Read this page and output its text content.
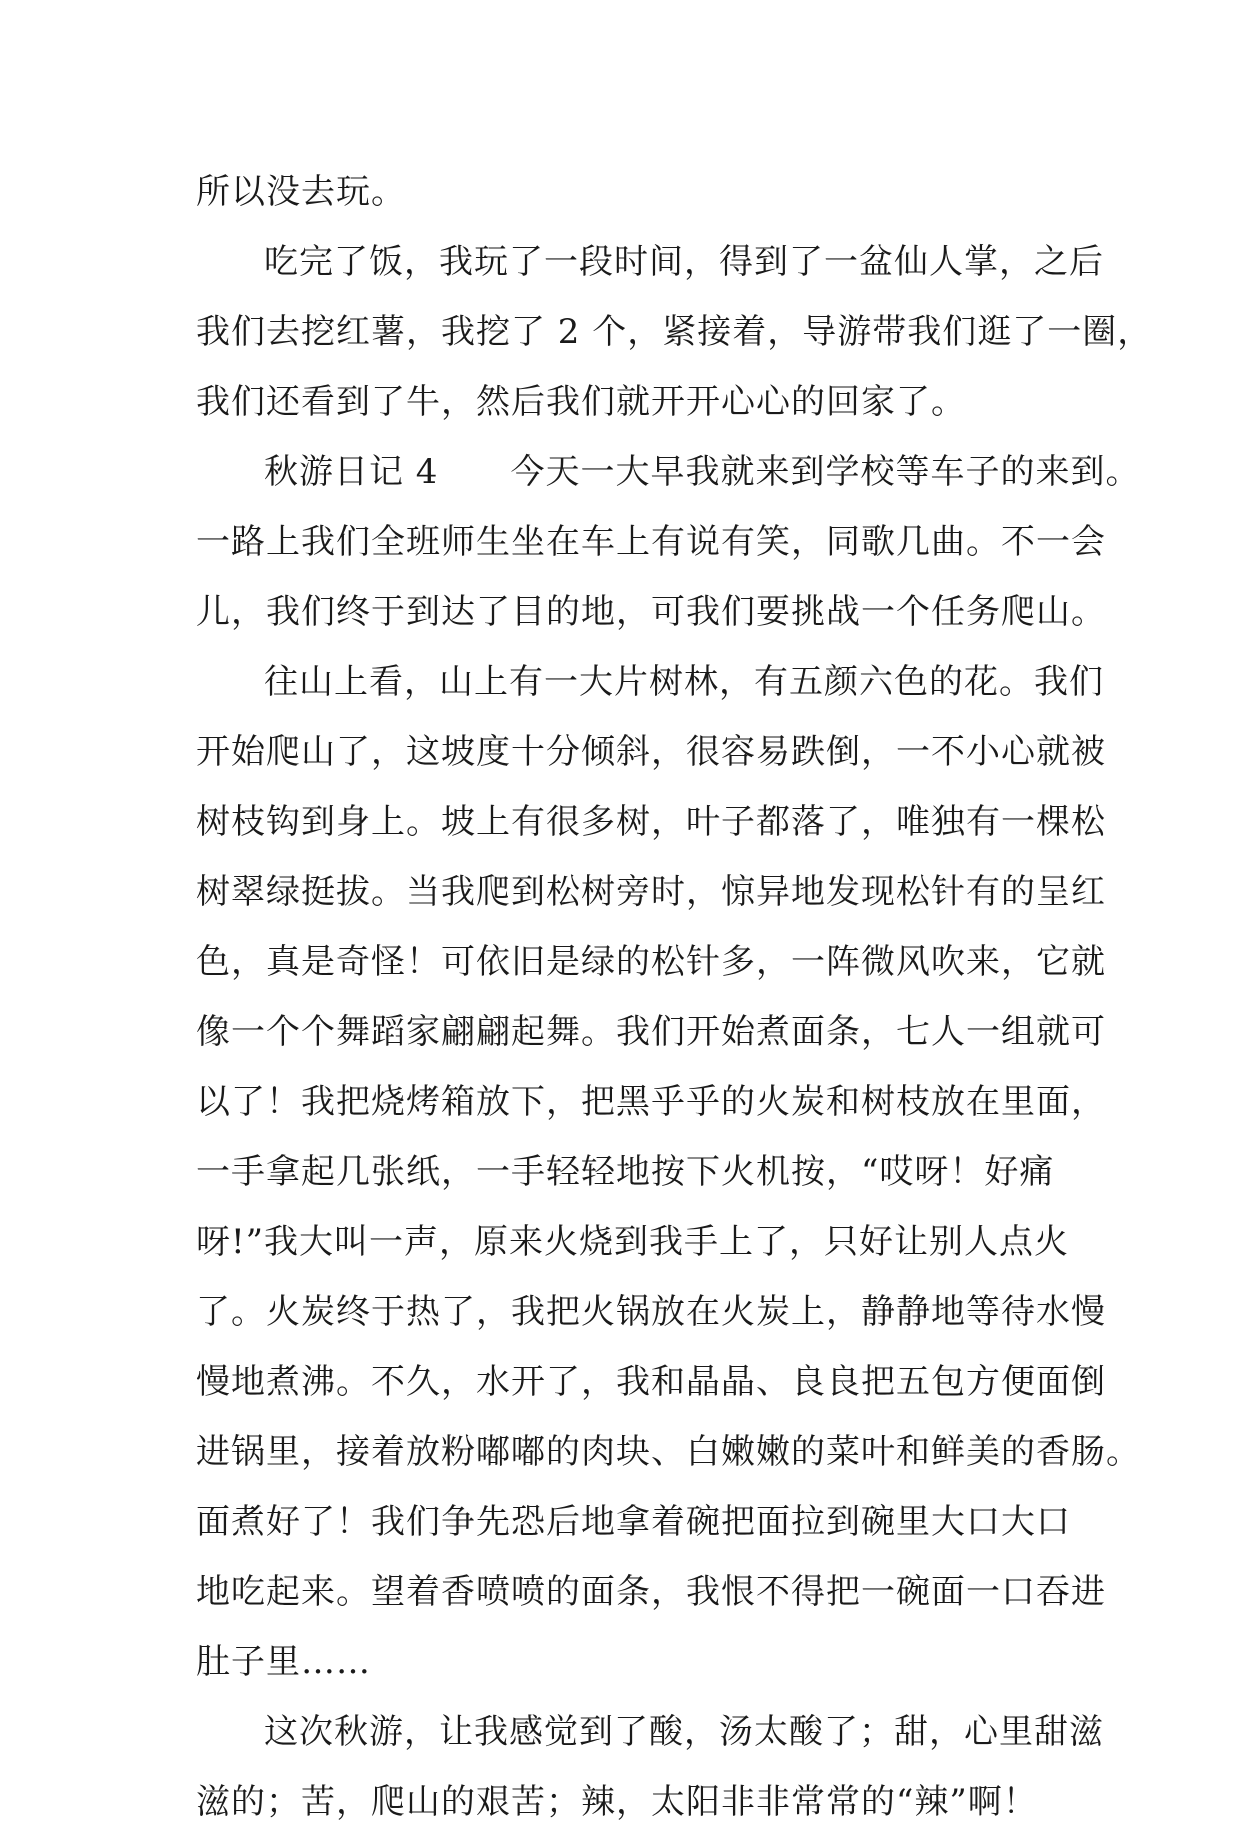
所以没去玩。
吃完了饭，我玩了一段时间，得到了一盆仙人掌，之后
我们去挖红薯，我挖了 2 个，紧接着，导游带我们逛了一圈，
我们还看到了牛，然后我们就开开心心的回家了。
秋游日记 4 今天一大早我就来到学校等车子的来到。
一路上我们全班师生坐在车上有说有笑，同歌几曲。不一会
儿，我们终于到达了目的地，可我们要挑战一个任务爬山。
往山上看，山上有一大片树林，有五颜六色的花。我们
开始爬山了，这坡度十分倾斜，很容易跌倒，一不小心就被
树枝钩到身上。坡上有很多树，叶子都落了，唯独有一棵松
树翠绿挺拔。当我爬到松树旁时，惊异地发现松针有的呈红
色，真是奇怪！可依旧是绿的松针多，一阵微风吹来，它就
像一个个舞蹈家翩翩起舞。我们开始煮面条，七人一组就可
以了！我把烧烤箱放下，把黑乎乎的火炭和树枝放在里面，
一手拿起几张纸，一手轻轻地按下火机按，“哎呀！好痛
呀!”我大叫一声，原来火烧到我手上了，只好让别人点火
了。火炭终于热了，我把火锅放在火炭上，静静地等待水慢
慢地煮沸。不久，水开了，我和晶晶、良良把五包方便面倒
进锅里，接着放粉嘟嘟的肉块、白嫩嫩的菜叶和鲜美的香肠。
面煮好了！我们争先恐后地拿着碗把面拉到碗里大口大口
地吃起来。望着香喷喷的面条，我恨不得把一碗面一口吞进
肚子里……
这次秋游，让我感觉到了酸，汤太酸了；甜，心里甜滋
滋的；苦，爬山的艰苦；辣，太阳非非常常的“辣”啊！
